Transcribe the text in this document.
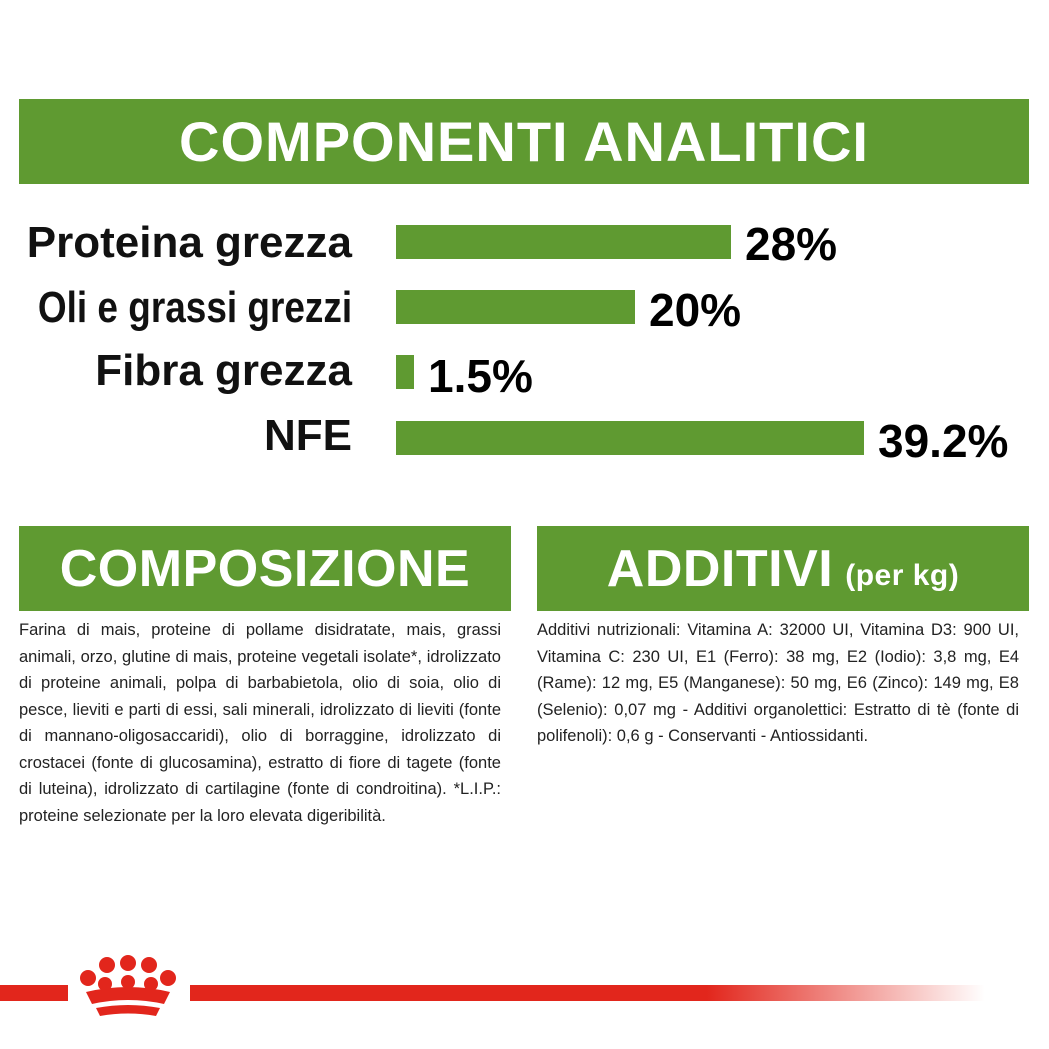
COMPONENTI ANALITICI
Proteina grezza	28%
Oli e grassi grezzi	20%
Fibra grezza 1.5%
NFE	39.2%
COMPOSIZIONE

Farina di mais, proteine di pollame disidratate, mais, grassi animali, orzo, glutine di mais, proteine vegetali isolate*, idrolizzato di proteine animali, polpa di barbabietola, olio di soia, olio di pesce, lieviti e parti di essi, sali minerali, idrolizzato di lieviti (fonte di mannano-oligosaccaridi), olio di borraggine, idrolizzato di crostacei (fonte di glucosamina), estratto di fiore di tagete (fonte di luteina), idrolizzato di cartilagine (fonte di condroitina). *L.I.P.: proteine selezionate per la loro elevata digeribilità.

ADDITIVI (per kg)

Additivi nutrizionali: Vitamina A: 32000 UI, Vitamina D3: 900 UI, Vitamina C: 230 UI, E1 (Ferro): 38 mg, E2 (Iodio): 3,8 mg, E4 (Rame): 12 mg, E5 (Manganese): 50 mg, E6 (Zinco): 149 mg, E8 (Selenio): 0,07 mg - Additivi organolettici: Estratto di tè (fonte di polifenoli): 0,6 g - Conservanti - Antiossidanti.
